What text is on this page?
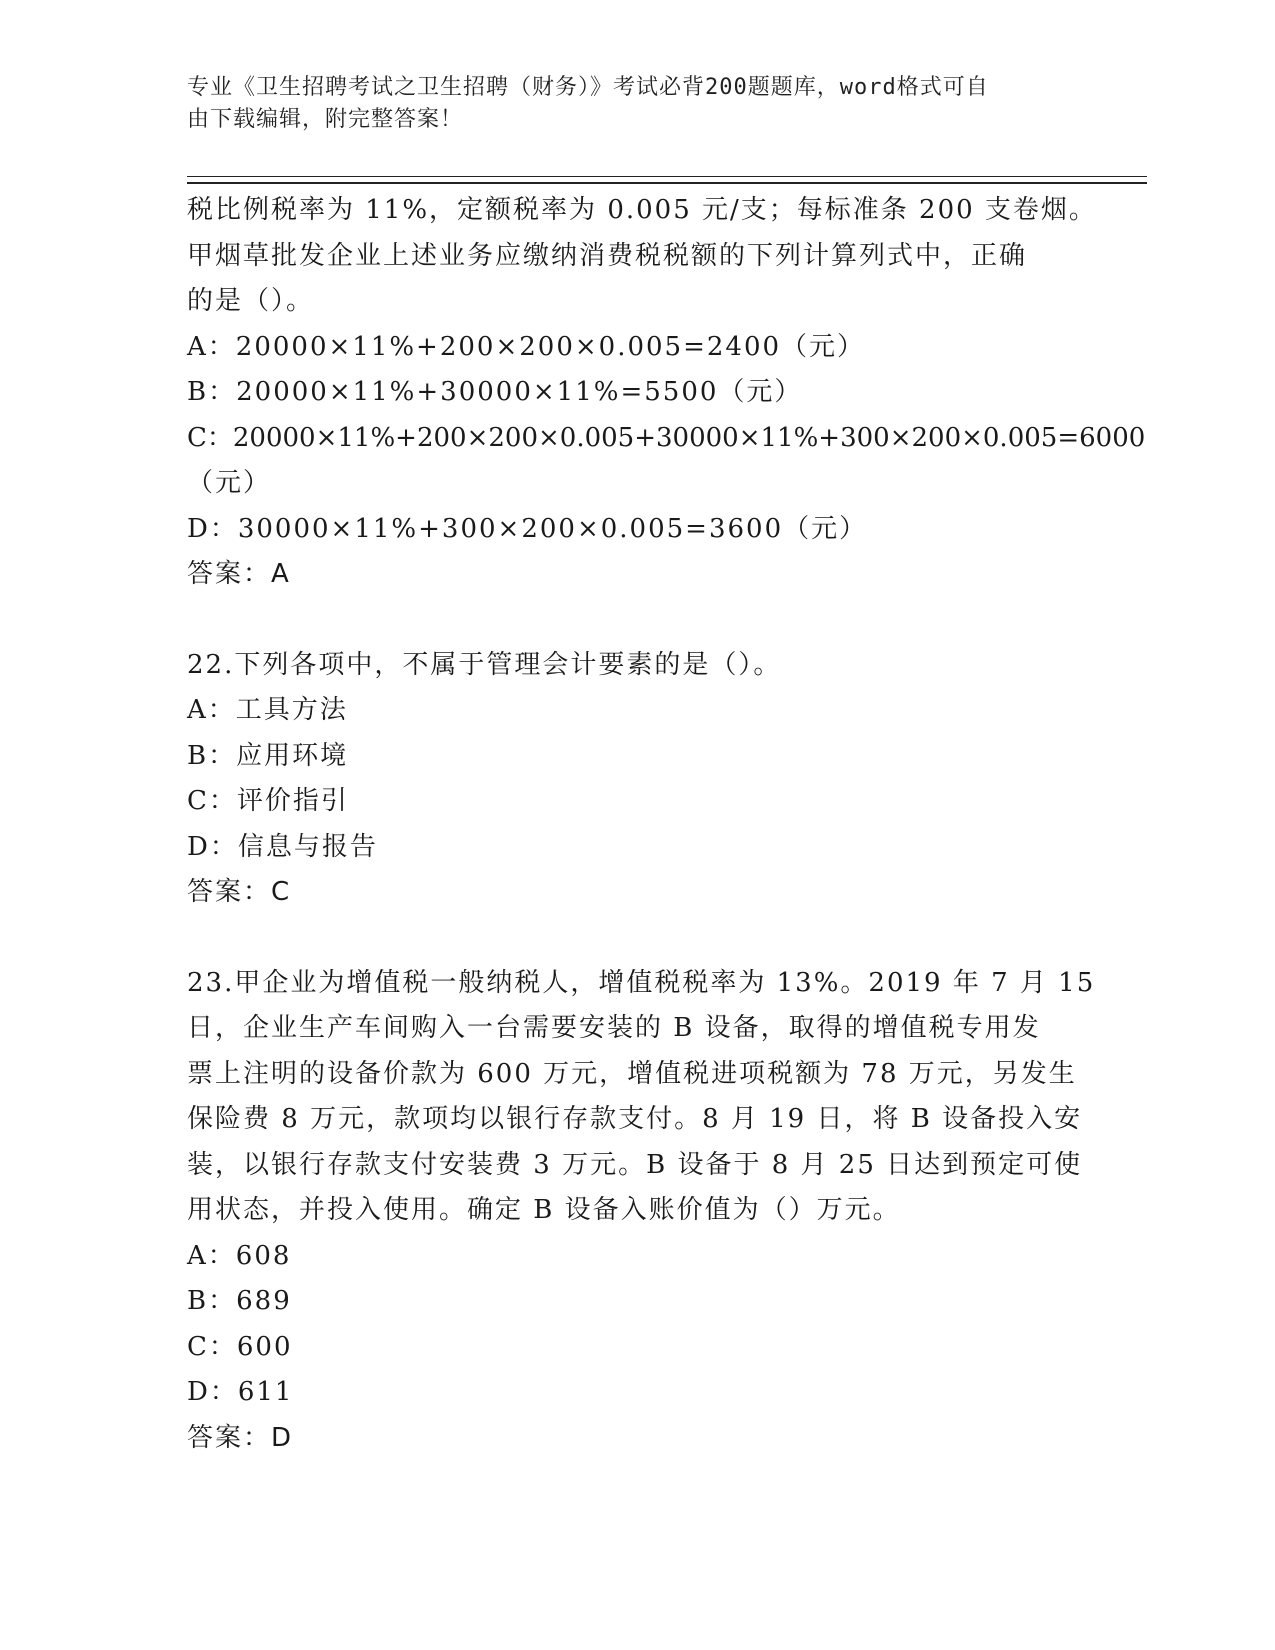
专业《卫生招聘考试之卫生招聘（财务）》考试必背200题题库，word格式可自
由下载编辑，附完整答案！
税比例税率为 11%，定额税率为 0.005 元/支；每标准条 200 支卷烟。
甲烟草批发企业上述业务应缴纳消费税税额的下列计算列式中，正确
的是（）。
A：20000×11%+200×200×0.005=2400（元）
B：20000×11%+30000×11%=5500（元）
C：20000×11%+200×200×0.005+30000×11%+300×200×0.005=6000
（元）
D：30000×11%+300×200×0.005=3600（元）
答案：A
22.下列各项中，不属于管理会计要素的是（）。
A：工具方法
B：应用环境
C：评价指引
D：信息与报告
答案：C
23.甲企业为增值税一般纳税人，增值税税率为 13%。2019 年 7 月 15
日，企业生产车间购入一台需要安装的 B 设备，取得的增值税专用发
票上注明的设备价款为 600 万元，增值税进项税额为 78 万元，另发生
保险费 8 万元，款项均以银行存款支付。8 月 19 日，将 B 设备投入安
装，以银行存款支付安装费 3 万元。B 设备于 8 月 25 日达到预定可使
用状态，并投入使用。确定 B 设备入账价值为（）万元。
A：608
B：689
C：600
D：611
答案：D
